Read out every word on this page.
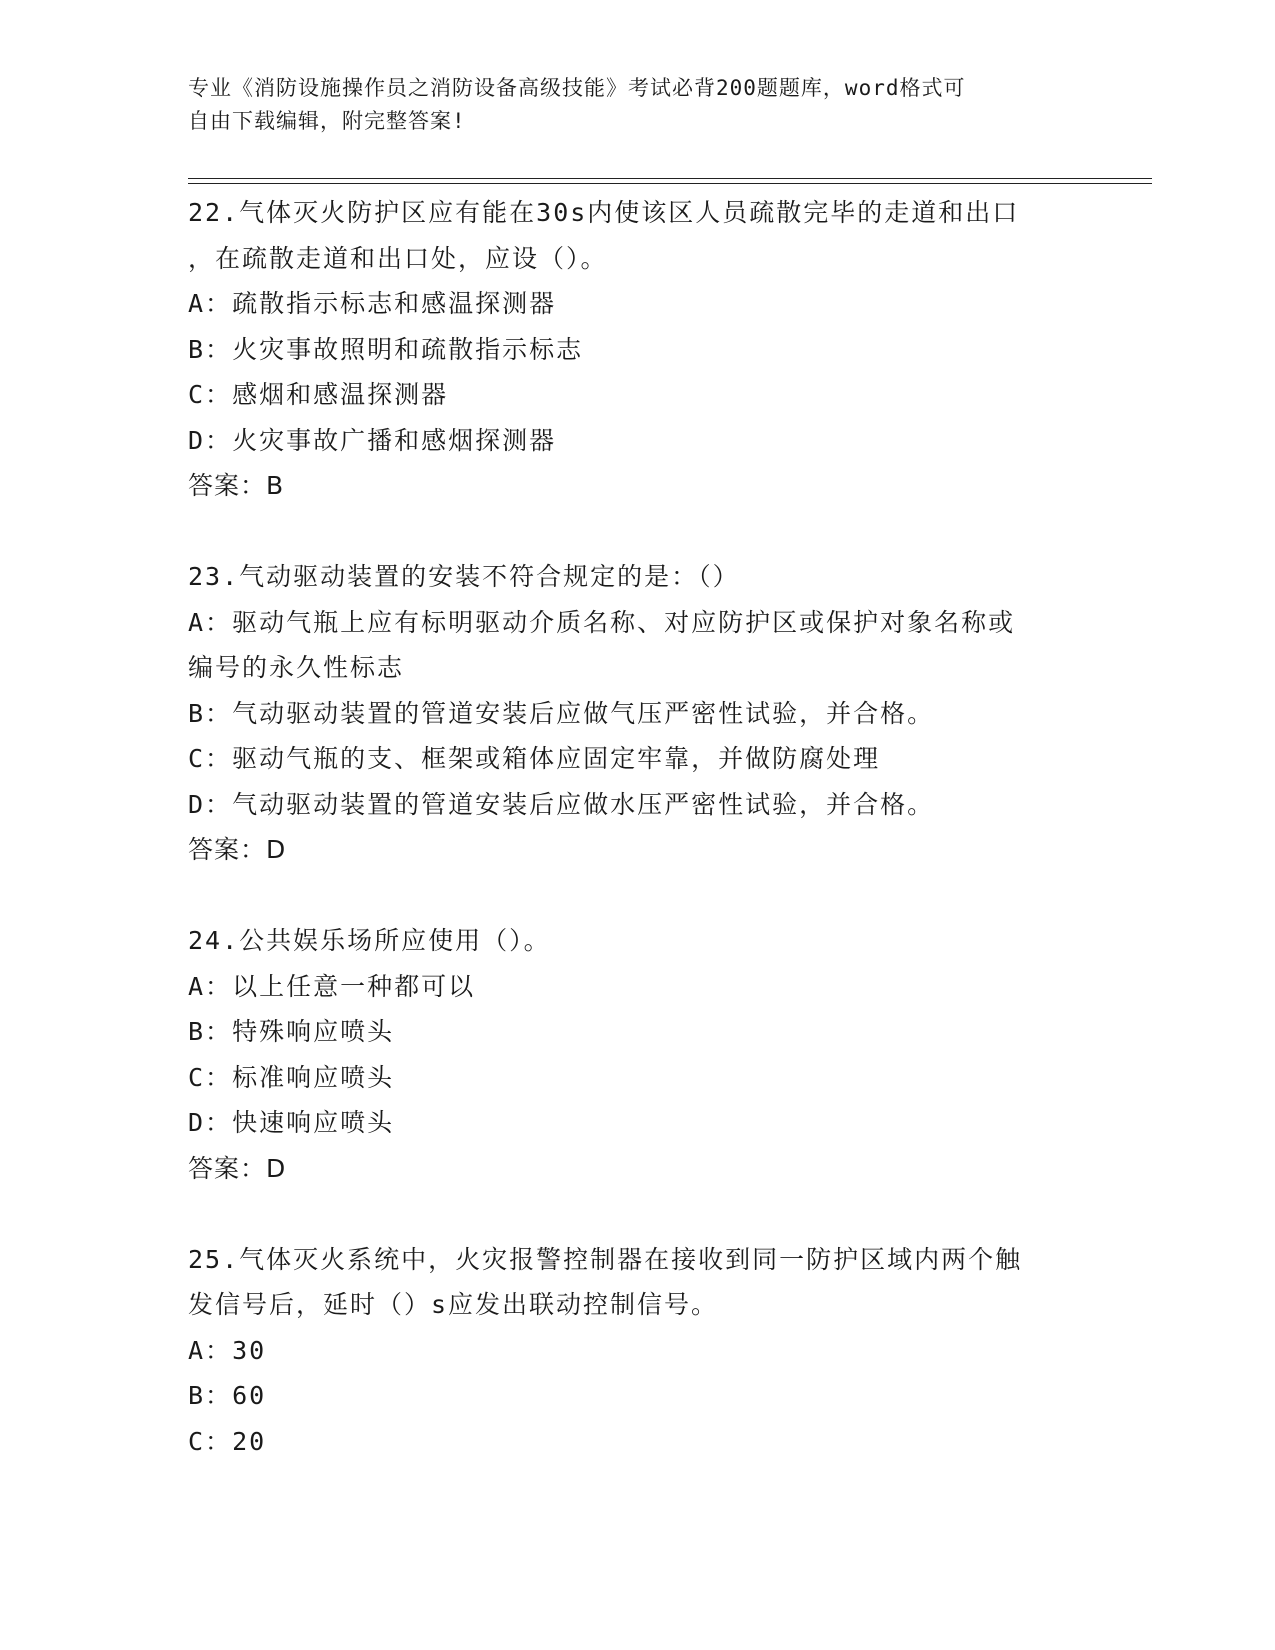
专业《消防设施操作员之消防设备高级技能》考试必背200题题库，word格式可
自由下载编辑，附完整答案!

22.气体灭火防护区应有能在30s内使该区人员疏散完毕的走道和出口

，在疏散走道和出口处，应设（）。

A： 疏散指示标志和感温探测器
B： 火灾事故照明和疏散指示标志
C： 感烟和感温探测器
D： 火灾事故广播和感烟探测器

答案：B

23.气动驱动装置的安装不符合规定的是：（）

A： 驱动气瓶上应有标明驱动介质名称、对应防护区或保护对象名称或

编号的永久性标志

B： 气动驱动装置的管道安装后应做气压严密性试验，并合格。
C： 驱动气瓶的支、框架或箱体应固定牢靠，并做防腐处理
D： 气动驱动装置的管道安装后应做水压严密性试验，并合格。

答案：D

24.公共娱乐场所应使用（）。

A： 以上任意一种都可以
B： 特殊响应喷头
C： 标准响应喷头
D： 快速响应喷头

答案：D

25.气体灭火系统中，火灾报警控制器在接收到同一防护区域内两个触

发信号后，延时（）s应发出联动控制信号。

A： 30
B： 60
C： 20
